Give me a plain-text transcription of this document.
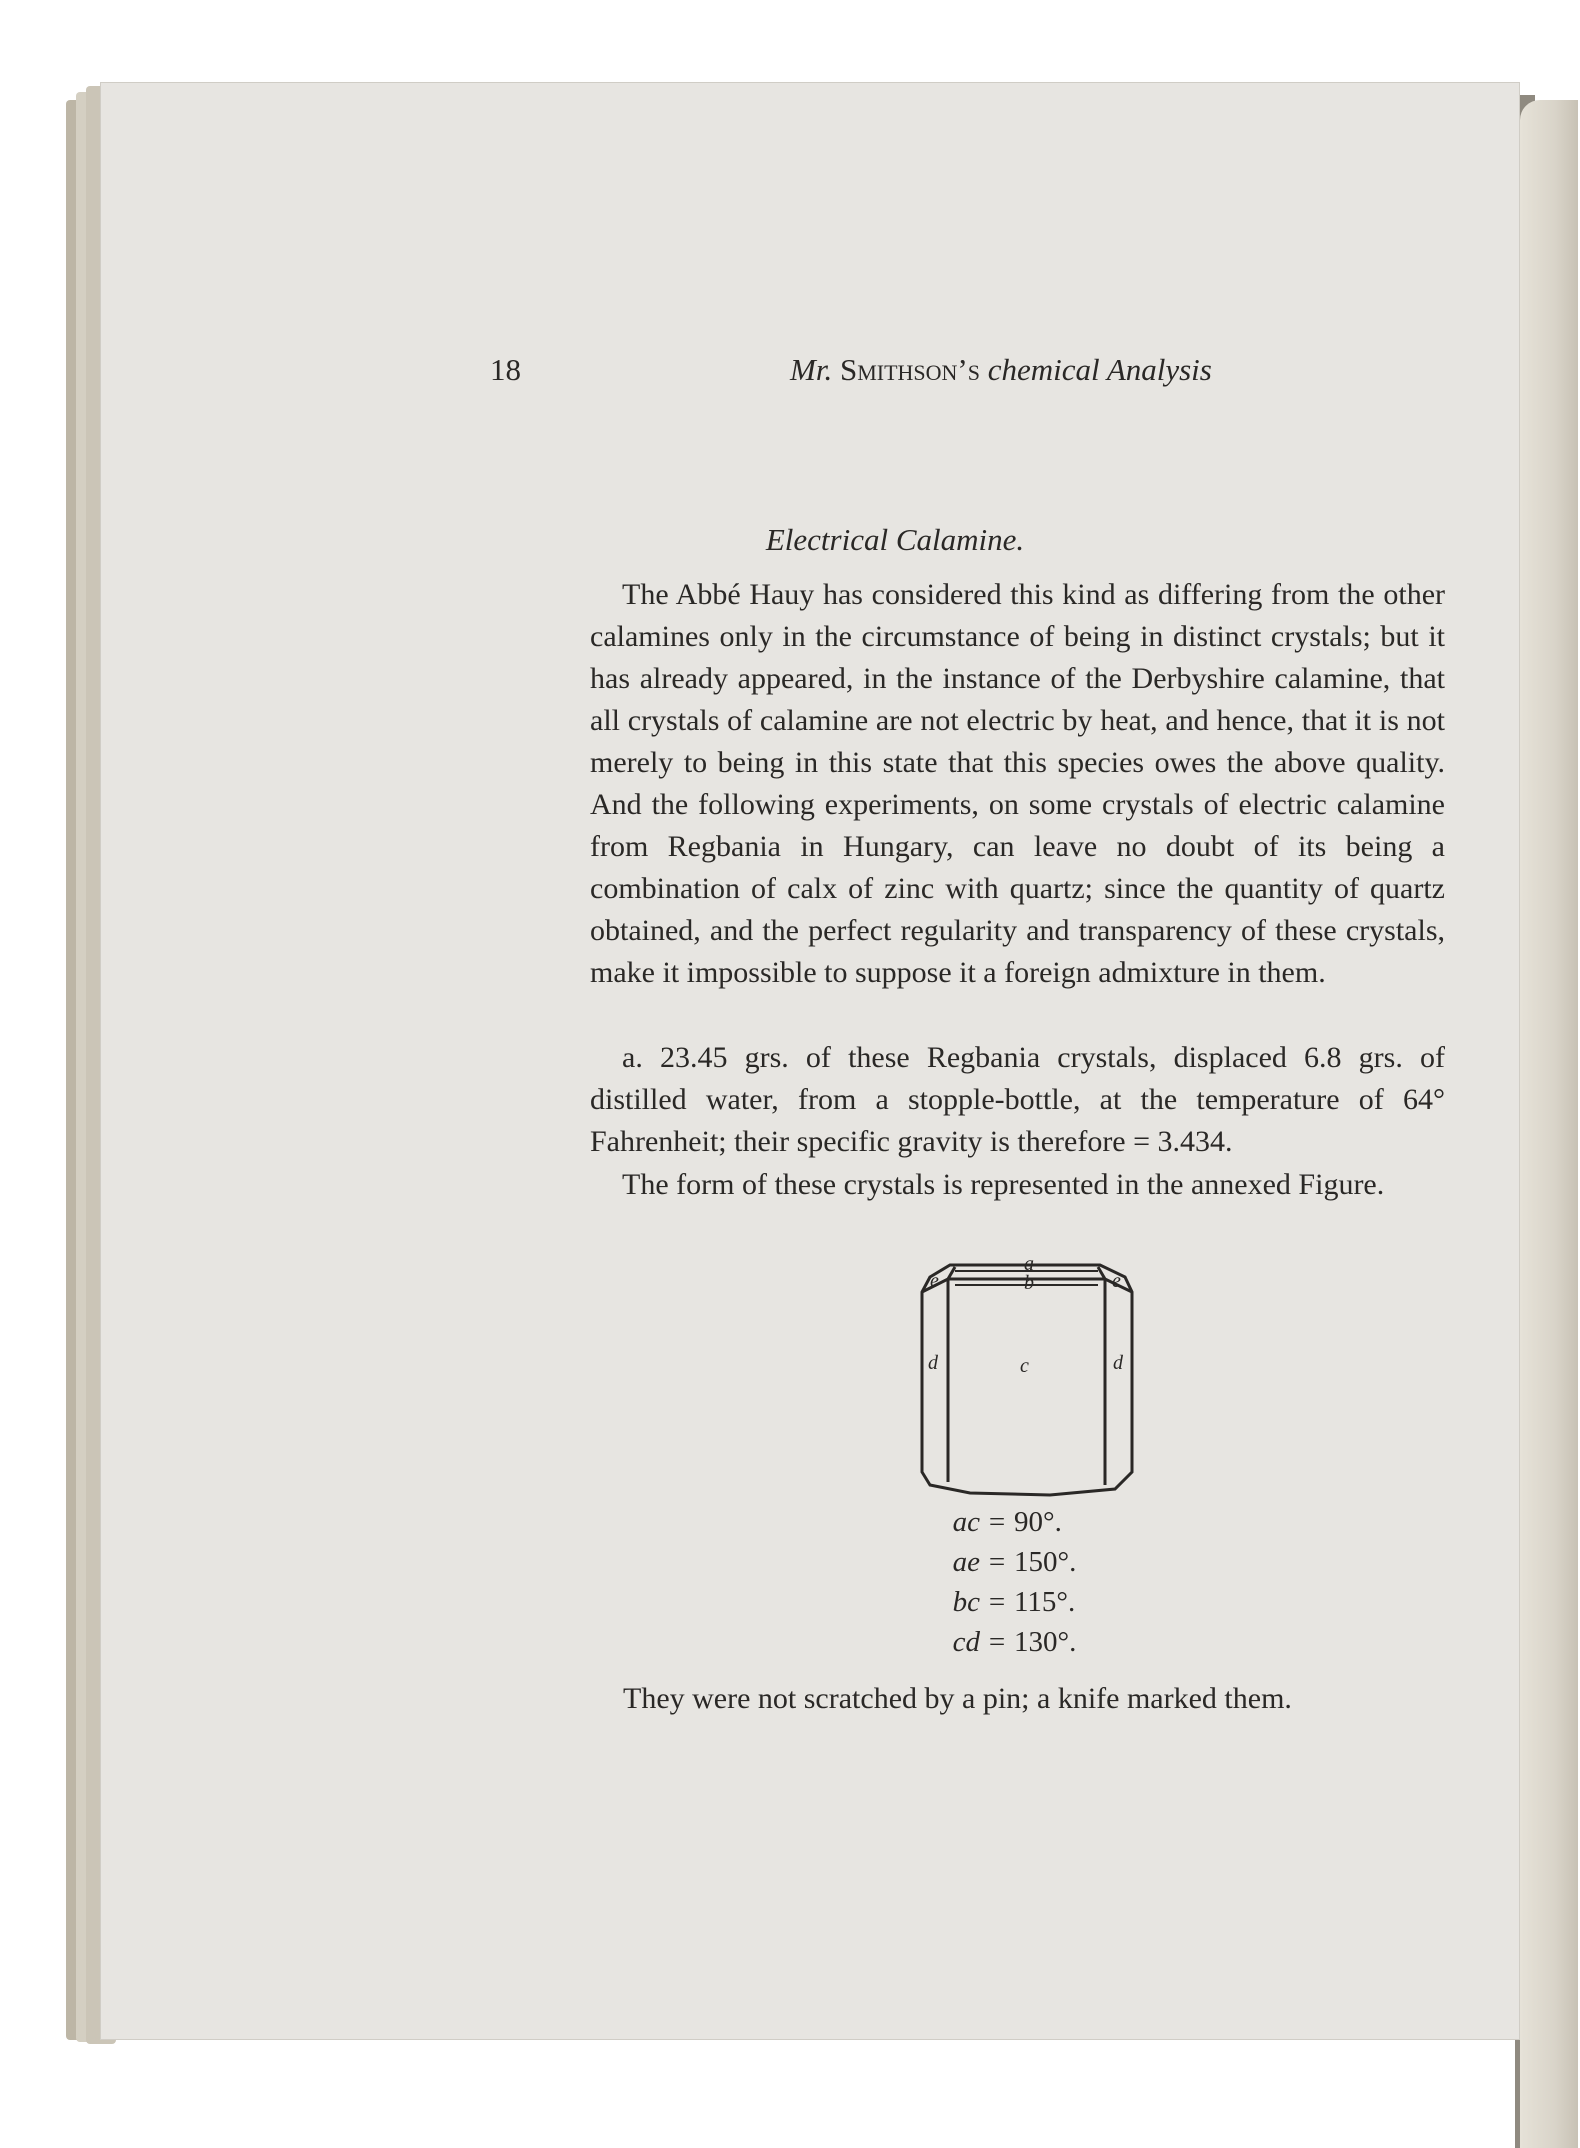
18	Mr. Smithson’s chemical Analysis
Electrical Calamine.

The Abbé Hauy has considered this kind as differing from the other calamines only in the circumstance of being in distinct crystals; but it has already appeared, in the instance of the Derbyshire calamine, that all crystals of calamine are not electric by heat, and hence, that it is not merely to being in this state that this species owes the above quality. And the following experiments, on some crystals of electric calamine from Regbania in Hungary, can leave no doubt of its being a combination of calx of zinc with quartz; since the quantity of quartz obtained, and the perfect regularity and transparency of these crystals, make it impossible to suppose it a foreign admixture in them.

a. 23.45 grs. of these Regbania crystals, displaced 6.8 grs. of distilled water, from a stopple-bottle, at the temperature of 64° Fahrenheit; their specific gravity is therefore = 3.434.

The form of these crystals is represented in the annexed Figure.

a
b
c
d	d
e	e
ac = 90°.
ae = 150°.
bc = 115°.
cd = 130°.
They were not scratched by a pin; a knife marked them.
